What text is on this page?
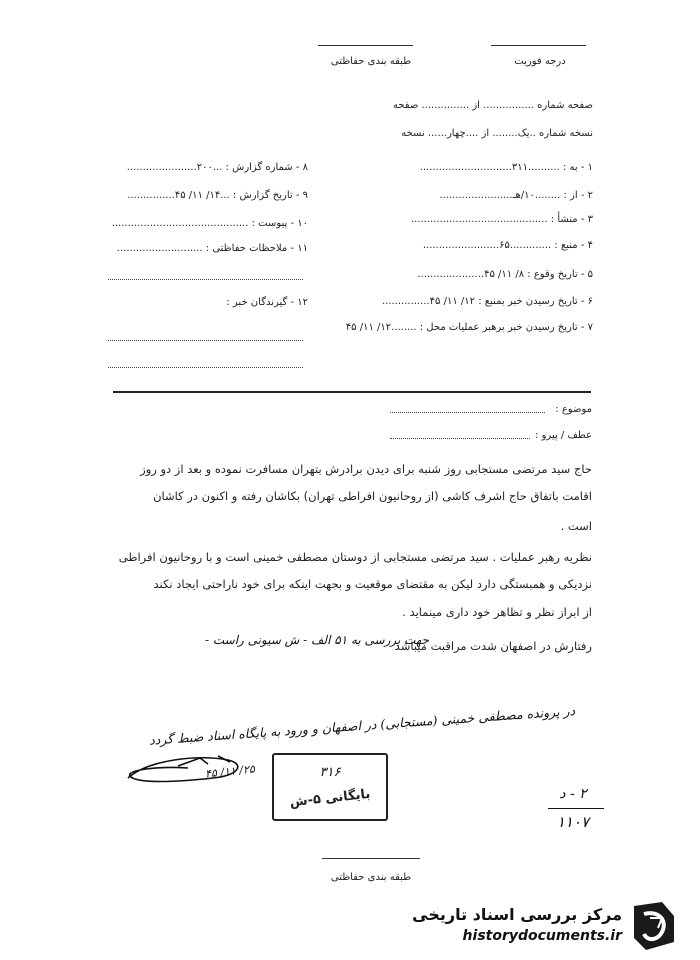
طبقه بندی حفاظتی	درجه فوریت
صفحه شماره ................ از ............... صفحه
نسخه شماره ..یک........ از ....چهار...... نسخه
۱ - به : ..........۳۱۱.............................
۲ - از : ........۱۰/هـ.......................
۳ - منشأ : ...........................................
۴ - منبع : .............۶۵........................
۵ - تاریخ وقوع : ۸/ ۱۱/ ۴۵.....................
۶ - تاریخ رسیدن خبر بمنبع : ۱۲/ ۱۱/ ۴۵...............
۷ - تاریخ رسیدن خبر برهبر عملیات محل : ........۱۲/ ۱۱/ ۴۵
۸ - شماره گزارش : ...۲۰۰......................
۹ - تاریخ گزارش : ...۱۴/ ۱۱/ ۴۵...............
۱۰ - پیوست : ...........................................
۱۱ - ملاحظات حفاظتی : ...........................
۱۲ - گیرندگان خبر :
موضوع :
عطف / پیرو :
حاج سید مرتضی مستجابی روز شنبه برای دیدن برادرش بتهران مسافرت نموده و بعد از دو روز
اقامت باتفاق حاج اشرف کاشی (از روحانیون افراطی تهران) بکاشان رفته و اکنون در کاشان
است .
نظریه رهبر عملیات . سید مرتضی مستجابی از دوستان مصطفی خمینی است و با روحانیون افراطی
نزدیکی و همبستگی دارد لیکن به مقتضای موقعیت و بجهت اینکه برای خود ناراحتی ایجاد نکند
از ابراز نظر و تظاهر خود داری مینماید .
رفتارش در اصفهان شدت مراقبت میباشد
جهت بررسی به ۵۱ الف - ش سیونی راست -
در پرونده مصطفی خمینی (مستجابی) در اصفهان و ورود به پایگاه اسناد ضبط گردد
۲۵/ ۱۱/ ۴۵	۳۱۶
بایگانی ۵-ش	۲ - د
۱۱۰۷
طبقه بندی حفاظتی
مرکز بررسی اسناد تاریخی
historydocuments.ir
